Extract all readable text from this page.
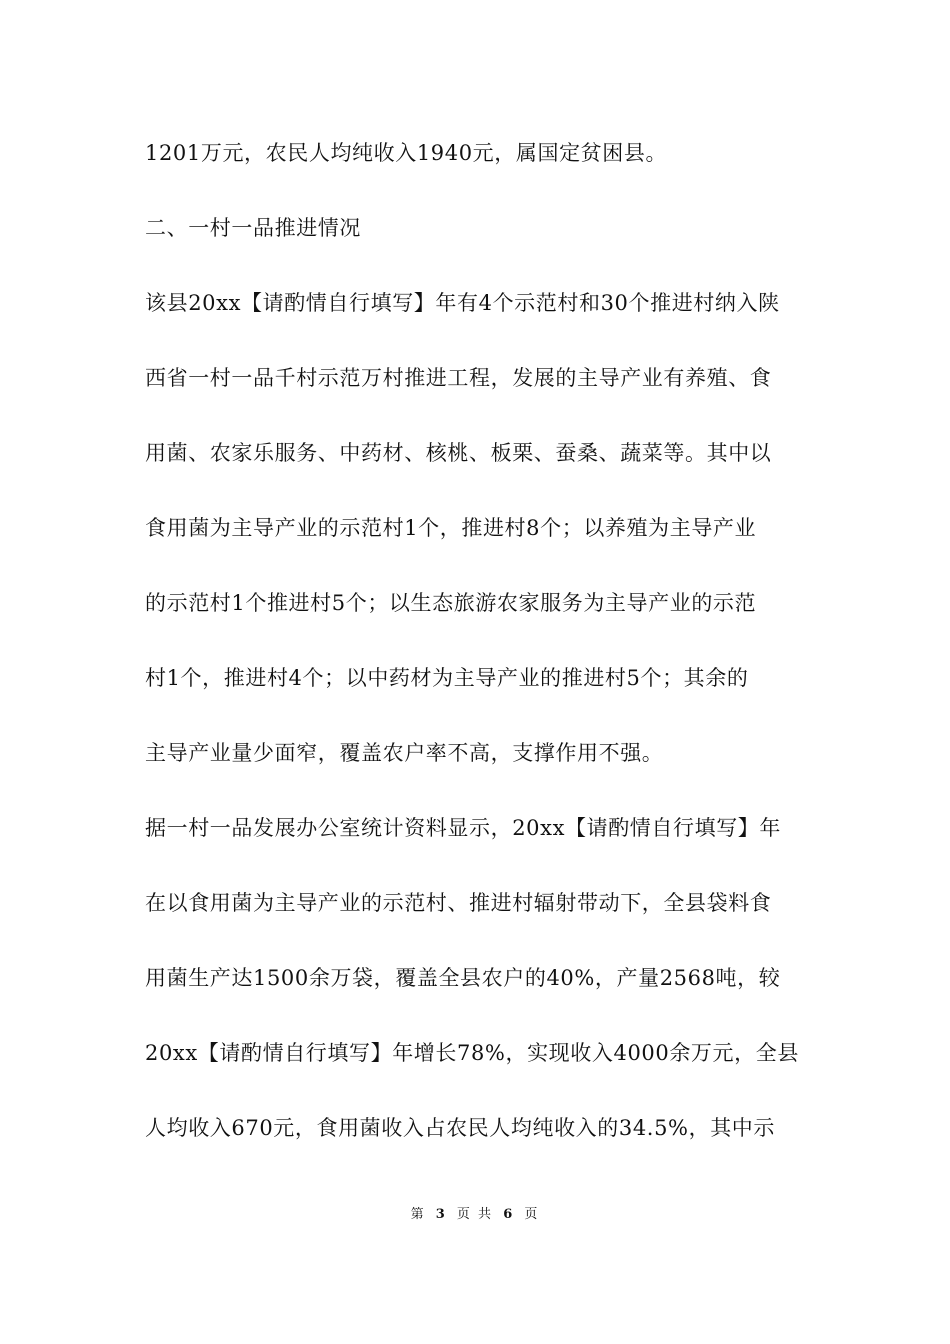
1201万元，农民人均纯收入1940元，属国定贫困县。
二、一村一品推进情况
该县20xx【请酌情自行填写】年有4个示范村和30个推进村纳入陕
西省一村一品千村示范万村推进工程，发展的主导产业有养殖、食
用菌、农家乐服务、中药材、核桃、板栗、蚕桑、蔬菜等。其中以
食用菌为主导产业的示范村1个，推进村8个；以养殖为主导产业
的示范村1个推进村5个；以生态旅游农家服务为主导产业的示范
村1个，推进村4个；以中药材为主导产业的推进村5个；其余的
主导产业量少面窄，覆盖农户率不高，支撑作用不强。
据一村一品发展办公室统计资料显示，20xx【请酌情自行填写】年
在以食用菌为主导产业的示范村、推进村辐射带动下，全县袋料食
用菌生产达1500余万袋，覆盖全县农户的40%，产量2568吨，较
20xx【请酌情自行填写】年增长78%，实现收入4000余万元，全县
人均收入670元，食用菌收入占农民人均纯收入的34.5%，其中示
第 3 页 共 6 页
